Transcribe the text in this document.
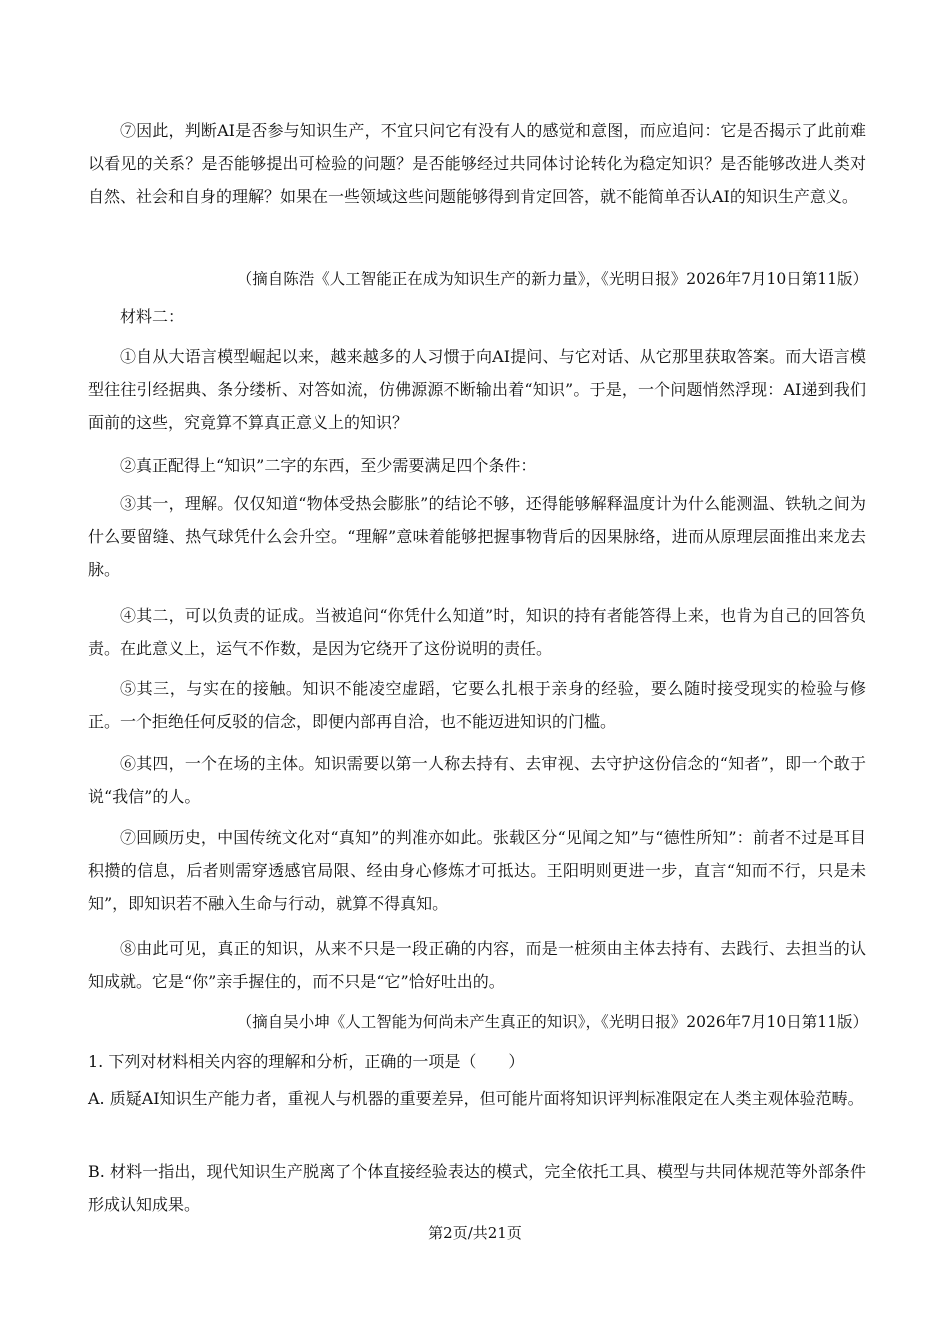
⑦因此，判断AI是否参与知识生产，不宜只问它有没有人的感觉和意图，而应追问：它是否揭示了此前难以看见的关系？是否能够提出可检验的问题？是否能够经过共同体讨论转化为稳定知识？是否能够改进人类对自然、社会和自身的理解？如果在一些领域这些问题能够得到肯定回答，就不能简单否认AI的知识生产意义。

（摘自陈浩《人工智能正在成为知识生产的新力量》，《光明日报》2026年7月10日第11版）

材料二：

①自从大语言模型崛起以来，越来越多的人习惯于向AI提问、与它对话、从它那里获取答案。而大语言模型往往引经据典、条分缕析、对答如流，仿佛源源不断输出着“知识”。于是，一个问题悄然浮现：AI递到我们面前的这些，究竟算不算真正意义上的知识？

②真正配得上“知识”二字的东西，至少需要满足四个条件：

③其一，理解。仅仅知道“物体受热会膨胀”的结论不够，还得能够解释温度计为什么能测温、铁轨之间为什么要留缝、热气球凭什么会升空。“理解”意味着能够把握事物背后的因果脉络，进而从原理层面推出来龙去脉。

④其二，可以负责的证成。当被追问“你凭什么知道”时，知识的持有者能答得上来，也肯为自己的回答负责。在此意义上，运气不作数，是因为它绕开了这份说明的责任。

⑤其三，与实在的接触。知识不能凌空虚蹈，它要么扎根于亲身的经验，要么随时接受现实的检验与修正。一个拒绝任何反驳的信念，即便内部再自洽，也不能迈进知识的门槛。

⑥其四，一个在场的主体。知识需要以第一人称去持有、去审视、去守护这份信念的“知者”，即一个敢于说“我信”的人。

⑦回顾历史，中国传统文化对“真知”的判准亦如此。张载区分“见闻之知”与“德性所知”：前者不过是耳目积攒的信息，后者则需穿透感官局限、经由身心修炼才可抵达。王阳明则更进一步，直言“知而不行，只是未知”，即知识若不融入生命与行动，就算不得真知。

⑧由此可见，真正的知识，从来不只是一段正确的内容，而是一桩须由主体去持有、去践行、去担当的认知成就。它是“你”亲手握住的，而不只是“它”恰好吐出的。

（摘自吴小坤《人工智能为何尚未产生真正的知识》，《光明日报》2026年7月10日第11版）

1. 下列对材料相关内容的理解和分析，正确的一项是（　　）

A. 质疑AI知识生产能力者，重视人与机器的重要差异，但可能片面将知识评判标准限定在人类主观体验范畴。

B. 材料一指出，现代知识生产脱离了个体直接经验表达的模式，完全依托工具、模型与共同体规范等外部条件形成认知成果。

第2页/共21页
